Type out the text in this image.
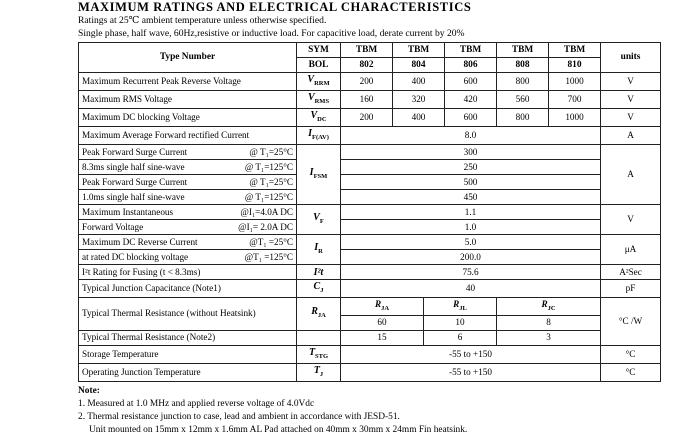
MAXIMUM RATINGS AND ELECTRICAL CHARACTERISTICS
Ratings at 25℃ ambient temperature unless otherwise specified.
Single phase, half wave, 60Hz,resistive or inductive load. For capacitive load, derate current by 20%
Type Number	SYM	TBM	TBM		TBM	TBM	TBM	units
	BOL	802	804		806	808	810	
Maximum Recurrent Peak Reverse Voltage	$V_{RRM}$	200	400		600	800	1000	V
Maximum RMS Voltage	$V_{RMS}$	160	320		420	560	700	V
Maximum DC blocking Voltage	$V_{DC}$	200	400		600	800	1000	V
Maximum Average Forward rectified Current	$I_{F(AV)}$	8.0						A

Peak Forward Surge Current @ T₁=25°C	$I_{FSM}$	300						A

8.3ms single half sine-wave @ T₁=125°C		250						

Peak Forward Surge Current @ T₁=25°C		500						

1.0ms single half sine-wave @ T₁=125°C		450						

Maximum Instantaneous @I₁=4.0A DC	$V_F$	1.1						V

Forward Voltage @I₁= 2.0A DC		1.0						

Maximum DC Reverse Current @T₁ =25°C	$I_R$	5.0						μA

at rated DC blocking voltage @T₁ =125°C		200.0						
I²t Rating for Fusing (t < 8.3ms)	I²t	75.6						A²Sec
Typical Junction Capacitance (Note1)	$C_J$	40						pF
Typical Thermal Resistance (without Heatsink)	$R_{JA}$	$R_{JA}$		$R_{JL}$		$R_{JC}$		°C /W
		60		10		8		
Typical Thermal Resistance (Note2)		15		6		3		
Storage Temperature	$T_{STG}$	-55 to +150						°C
Operating Junction Temperature	$T_J$	-55 to +150						°C
Note:
1. Measured at 1.0 MHz and applied reverse voltage of 4.0Vdc
2. Thermal resistance junction to case, lead and ambient in accordance with JESD-51.
Unit mounted on 15mm x 12mm x 1.6mm AL Pad attached on 40mm x 30mm x 24mm Fin heatsink.
